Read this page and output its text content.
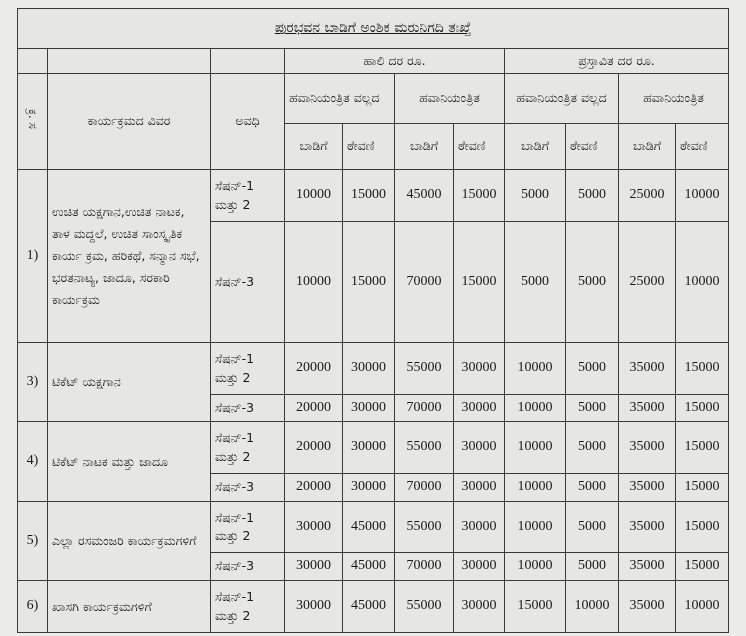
ಪುರಭವನ ಬಾಡಿಗೆ ಅಂಶಿಕ ಮರುನಿಗದಿ ತಃಖ್ತೆ										
			ಹಾಲಿ ದರ ರೂ.				ಪ್ರಸ್ತಾವಿತ ದರ ರೂ.			
ಕ್ರ. ಸ	ಕಾರ್ಯಕ್ರಮದ ವಿವರ	ಅವಧಿ	ಹವಾನಿಯಂತ್ರಿತ ವಲ್ಲದ		ಹವಾನಿಯಂತ್ರಿತ		ಹವಾನಿಯಂತ್ರಿತ ವಲ್ಲದ		ಹವಾನಿಯಂತ್ರಿತ	
			ಬಾಡಿಗೆ	ಠೇವಣಿ	ಬಾಡಿಗೆ	ಠೇವಣಿ	ಬಾಡಿಗೆ	ಠೇವಣಿ	ಬಾಡಿಗೆ	ಠೇವಣಿ
1)	ಉಚಿತ ಯಕ್ಷಗಾನ,ಉಚಿತ ನಾಟಕ, ತಾಳ ಮದ್ದಲೆ, ಉಚಿತ ಸಾಂಸ್ಕೃತಿಕ ಕಾರ್ಯ ಕ್ರಮ, ಹರಿಕಥೆ, ಸನ್ಮಾನ ಸಭೆ, ಭರತನಾಟ್ಯ, ಜಾದೂ, ಸರಕಾರಿ ಕಾರ್ಯಕ್ರಮ	ಸೆಷನ್-1 ಮತ್ತು 2	10000	15000	45000	15000	5000	5000	25000	10000
		ಸೆಷನ್-3	10000	15000	70000	15000	5000	5000	25000	10000
3)	ಟಿಕೆಟ್ ಯಕ್ಷಗಾನ	ಸೆಷನ್-1 ಮತ್ತು 2	20000	30000	55000	30000	10000	5000	35000	15000
		ಸೆಷನ್-3	20000	30000	70000	30000	10000	5000	35000	15000
4)	ಟಿಕೆಟ್ ನಾಟಕ ಮತ್ತು ಜಾದೂ	ಸೆಷನ್-1 ಮತ್ತು 2	20000	30000	55000	30000	10000	5000	35000	15000
		ಸೆಷನ್-3	20000	30000	70000	30000	10000	5000	35000	15000
5)	ಎಲ್ಲಾ ರಸಮಂಜರಿ ಕಾರ್ಯಕ್ರಮಗಳಿಗೆ	ಸೆಷನ್-1 ಮತ್ತು 2	30000	45000	55000	30000	10000	5000	35000	15000
		ಸೆಷನ್-3	30000	45000	70000	30000	10000	5000	35000	15000
6)	ಖಾಸಗಿ ಕಾರ್ಯಕ್ರಮಗಳಿಗೆ	ಸೆಷನ್-1 ಮತ್ತು 2	30000	45000	55000	30000	15000	10000	35000	10000
